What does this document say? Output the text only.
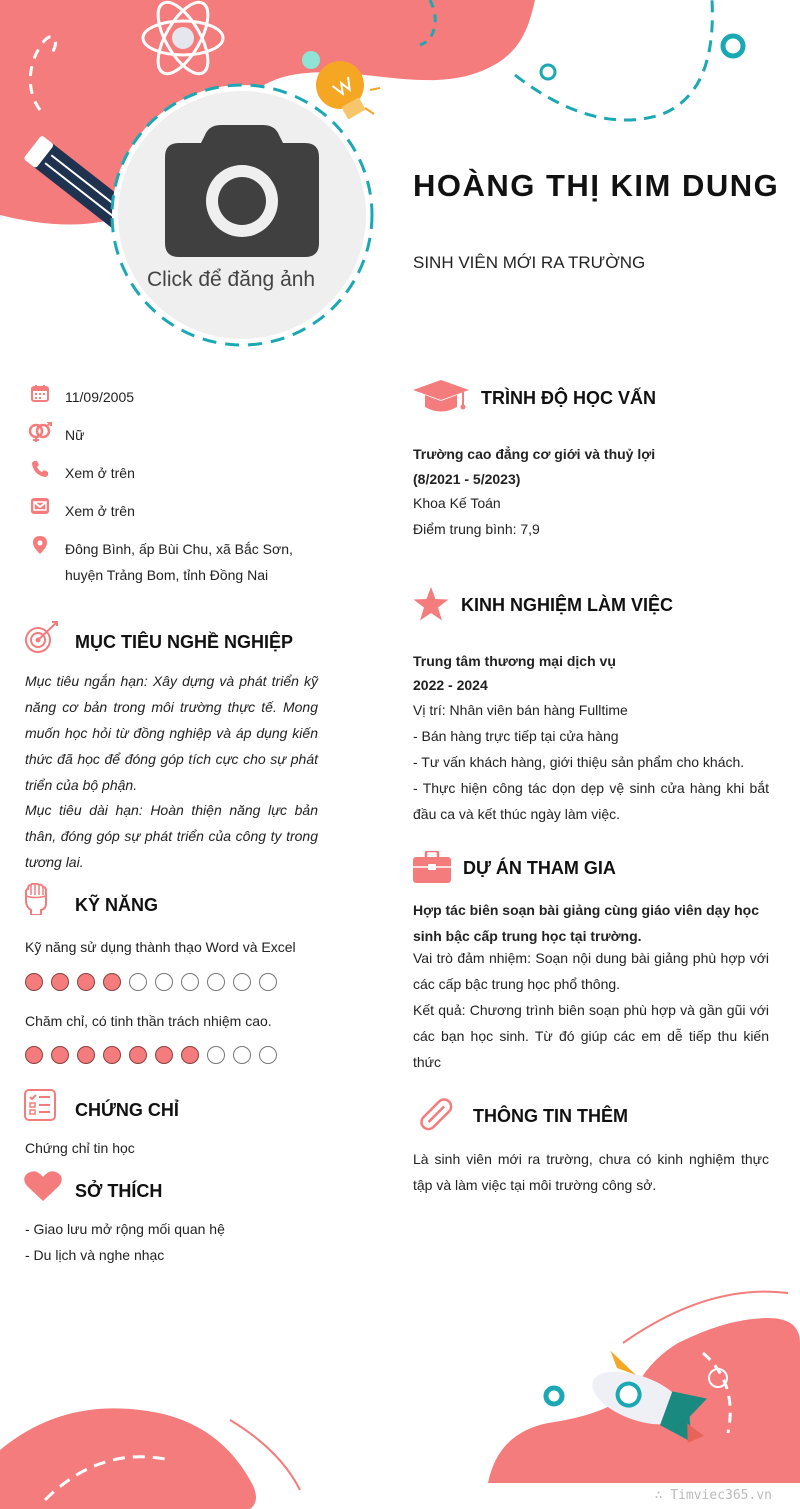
Click để đăng ảnh
HOÀNG THỊ KIM DUNG
SINH VIÊN MỚI RA TRƯỜNG
11/09/2005
Nữ
Xem ở trên
Xem ở trên
Đông Bình, ấp Bùi Chu, xã Bắc Sơn, huyện Trảng Bom, tỉnh Đồng Nai
MỤC TIÊU NGHỀ NGHIỆP
Mục tiêu ngắn hạn: Xây dựng và phát triển kỹ năng cơ bản trong môi trường thực tế. Mong muốn học hỏi từ đồng nghiệp và áp dụng kiến thức đã học để đóng góp tích cực cho sự phát triển của bộ phận.
Mục tiêu dài hạn: Hoàn thiện năng lực bản thân, đóng góp sự phát triển của công ty trong tương lai.
KỸ NĂNG
Kỹ năng sử dụng thành thạo Word và Excel
Chăm chỉ, có tinh thần trách nhiệm cao.
CHỨNG CHỈ
Chứng chỉ tin học
SỞ THÍCH
- Giao lưu mở rộng mối quan hệ
- Du lịch và nghe nhạc
TRÌNH ĐỘ HỌC VẤN
Trường cao đẳng cơ giới và thuỷ lợi
(8/2021 - 5/2023)
Khoa Kế Toán
Điểm trung bình: 7,9
KINH NGHIỆM LÀM VIỆC
Trung tâm thương mại dịch vụ
2022 - 2024
Vị trí: Nhân viên bán hàng Fulltime
- Bán hàng trực tiếp tại cửa hàng
- Tư vấn khách hàng, giới thiệu sản phẩm cho khách.
- Thực hiện công tác dọn dẹp vệ sinh cửa hàng khi bắt đầu ca và kết thúc ngày làm việc.
DỰ ÁN THAM GIA
Hợp tác biên soạn bài giảng cùng giáo viên dạy học sinh bậc cấp trung học tại trường.
Vai trò đảm nhiệm: Soạn nội dung bài giảng phù hợp với các cấp bậc trung học phổ thông.
Kết quả: Chương trình biên soạn phù hợp và gần gũi với các bạn học sinh. Từ đó giúp các em dễ tiếp thu kiến thức
THÔNG TIN THÊM
Là sinh viên mới ra trường, chưa có kinh nghiệm thực tập và làm việc tại môi trường công sở.
∴ Timviec365.vn
